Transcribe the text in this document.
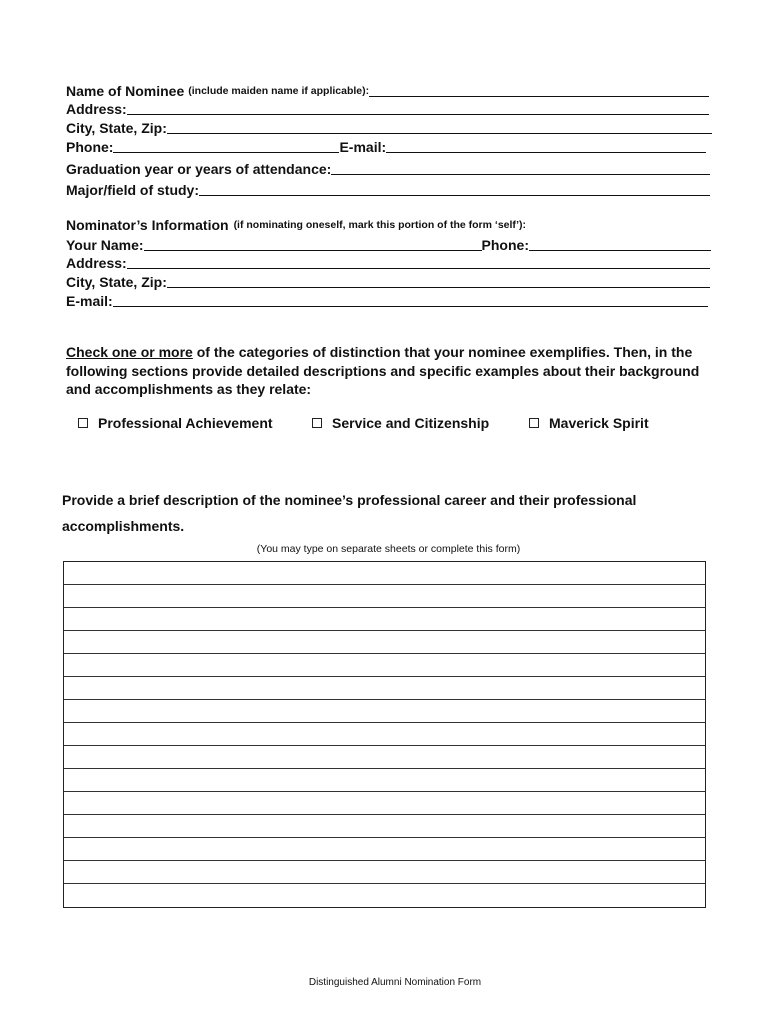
Name of Nominee (include maiden name if applicable):
Address:
City, State, Zip:
Phone:	E-mail:
Graduation year or years of attendance:
Major/field of study:
Nominator’s Information (if nominating oneself, mark this portion of the form ‘self’):
Your Name:	Phone:
Address:
City, State, Zip:
E-mail:
Check one or more of the categories of distinction that your nominee exemplifies. Then, in the following sections provide detailed descriptions and specific examples about their background and accomplishments as they relate:
Professional Achievement	Service and Citizenship	Maverick Spirit
Provide a brief description of the nominee’s professional career and their professional
accomplishments.
(You may type on separate sheets or complete this form)
Distinguished Alumni Nomination Form
